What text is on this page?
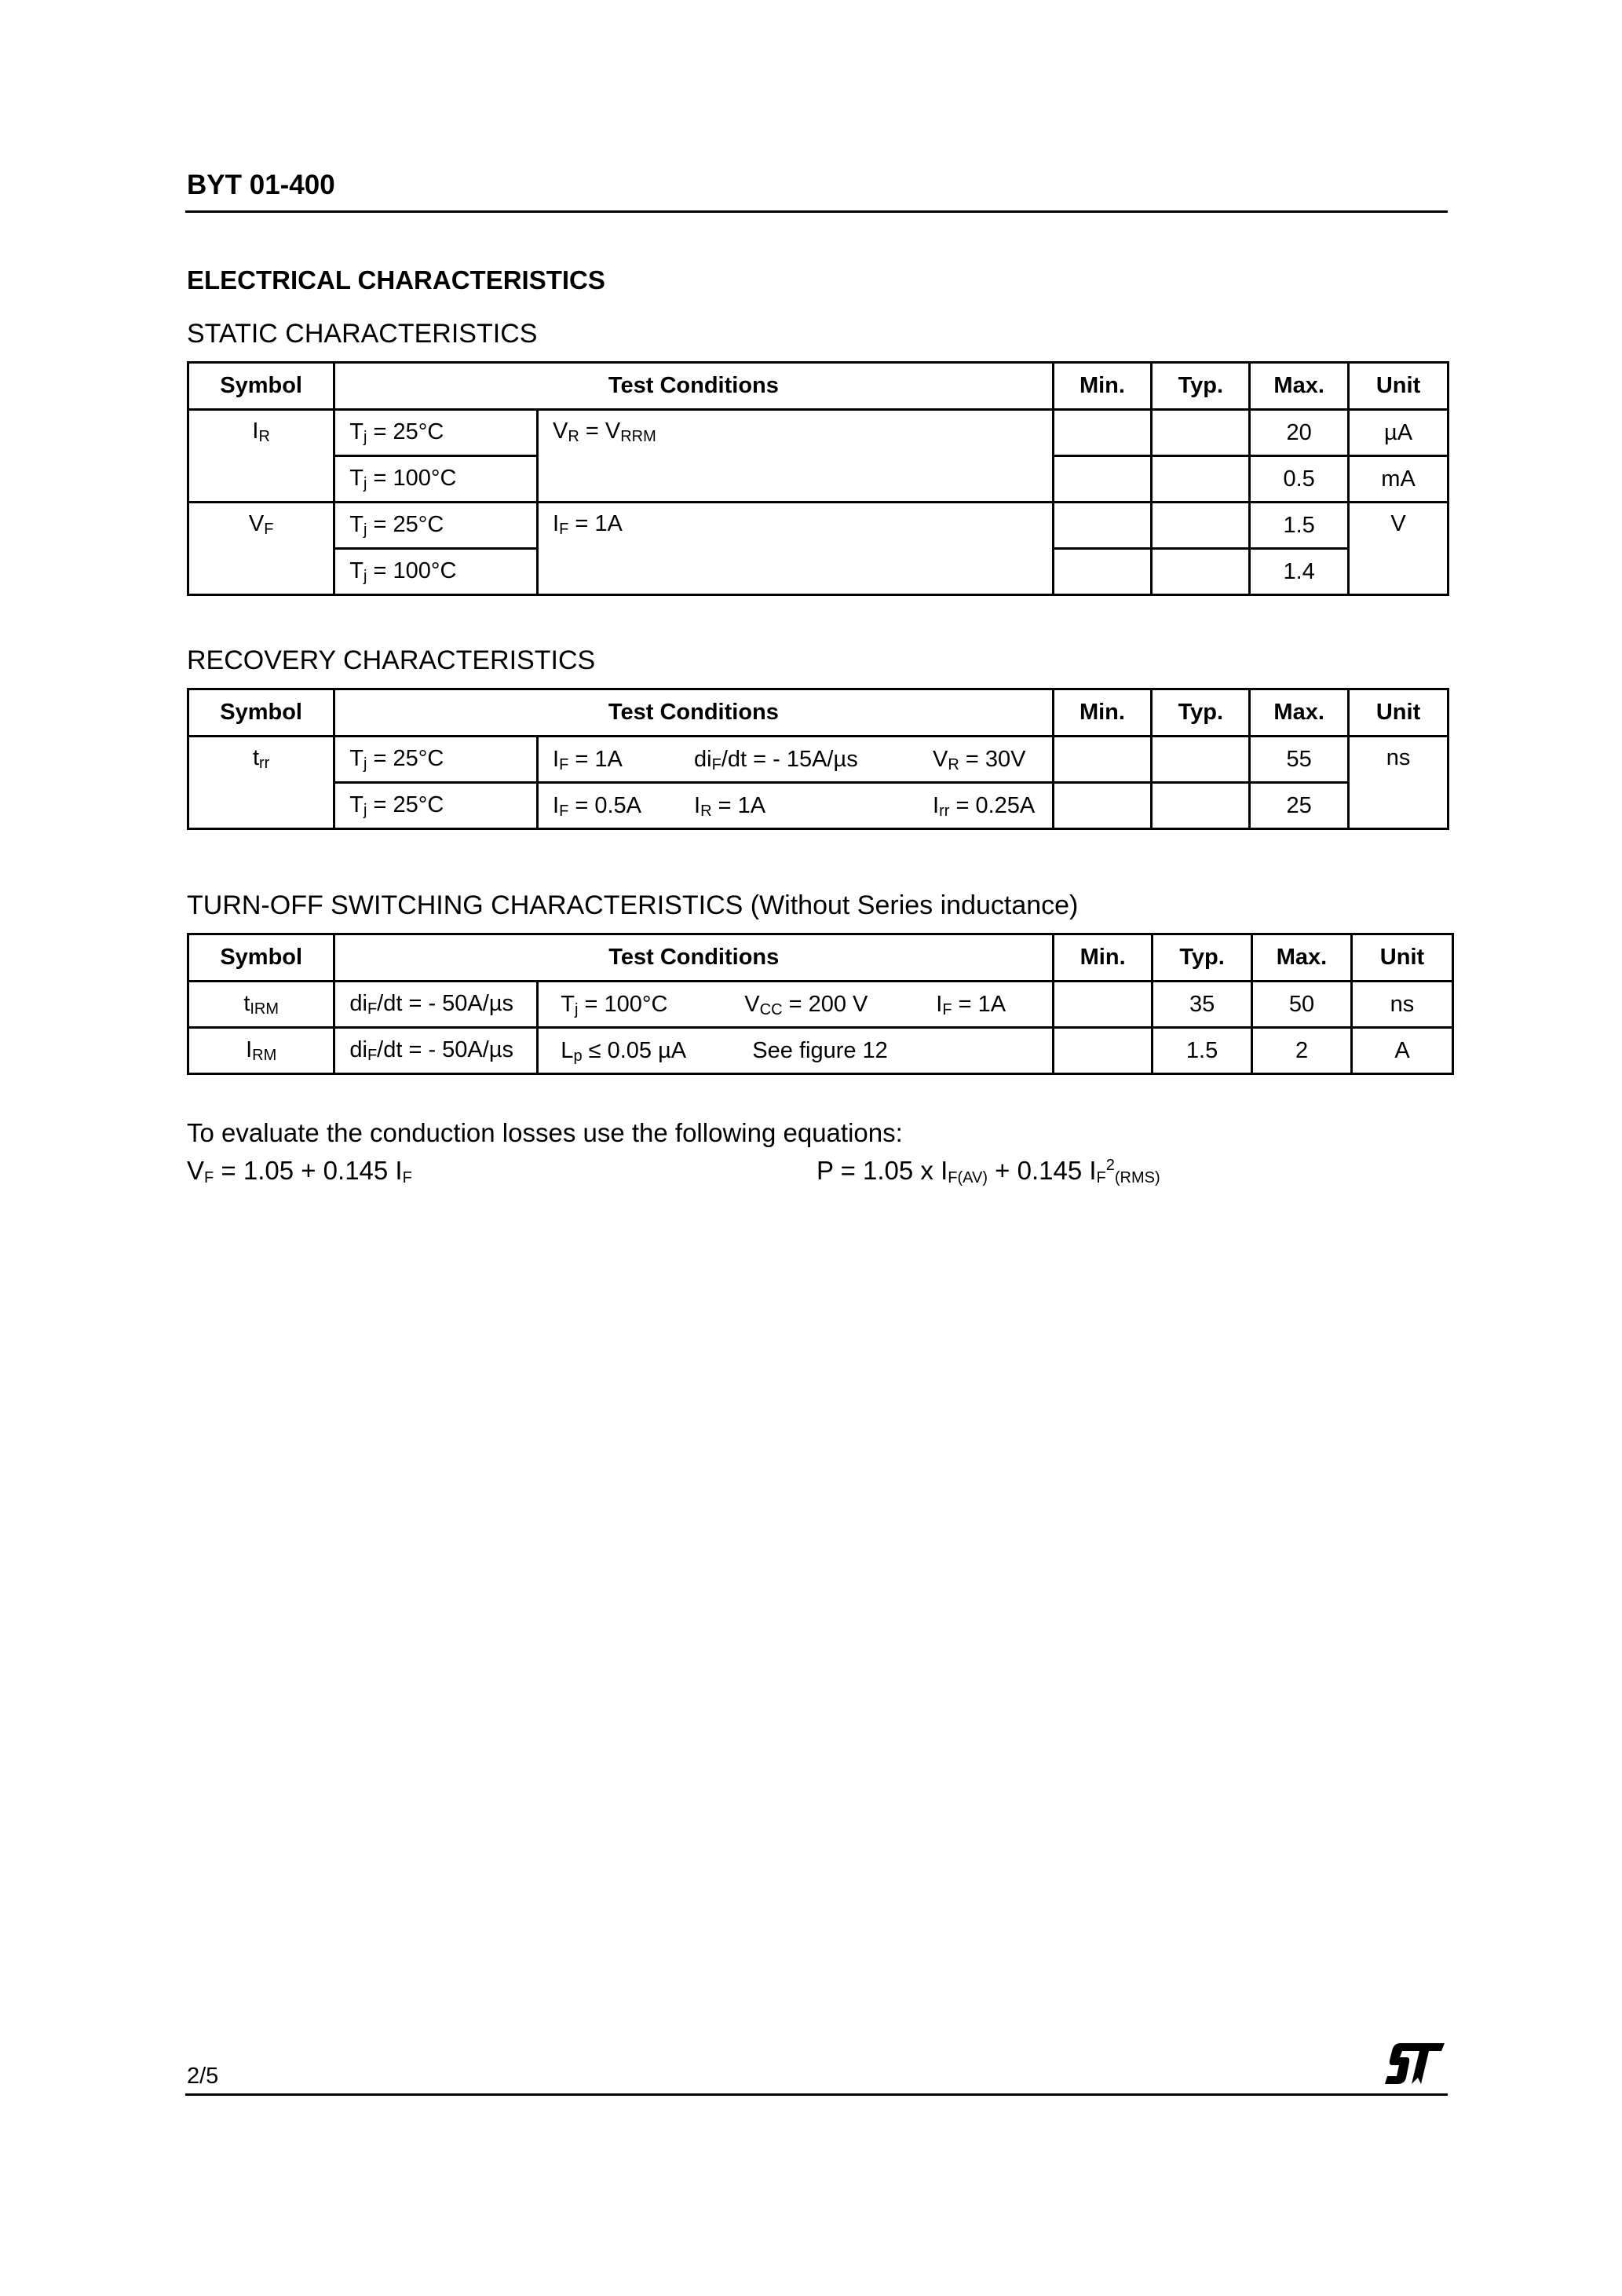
BYT 01-400
ELECTRICAL CHARACTERISTICS
STATIC CHARACTERISTICS
Symbol	Test Conditions		Min.	Typ.	Max.	Unit
$I_R$	$T_j = 25^\circ C$	$V_R = V_{RRM}$			20	µA
	$T_j = 100^\circ C$				0.5	mA
$V_F$	$T_j = 25^\circ C$	$I_F = 1A$			1.5	V
	$T_j = 100^\circ C$				1.4	
RECOVERY CHARACTERISTICS
Symbol	Test Conditions		Min.	Typ.	Max.	Unit
$t_{rr}$	$T_j = 25^\circ C$	$I_F = 1A$ $di_F/dt$ = - 15A/µs $V_R = 30V$			55	ns
	$T_j = 25^\circ C$	$I_F = 0.5A$ $I_R = 1A$ $I_{rr} = 0.25A$			25	
TURN-OFF SWITCHING CHARACTERISTICS (Without Series inductance)
Symbol	Test Conditions		Min.	Typ.	Max.	Unit
$t_{IRM}$	$di_F/dt$ = - 50A/µs	$T_j = 100^\circ C$ $V_{CC} = 200$ V $I_F = 1A$		35	50	ns
$I_{RM}$	$di_F/dt$ = - 50A/µs	$L_p \le 0.05$ µA See figure 12		1.5	2	A
To evaluate the conduction losses use the following equations:
$V_F = 1.05 + 0.145$ $I_F$	P = 1.05 x $I_{F(AV)} + 0.145$ $I_F^2_{(RMS)}$
2/5
